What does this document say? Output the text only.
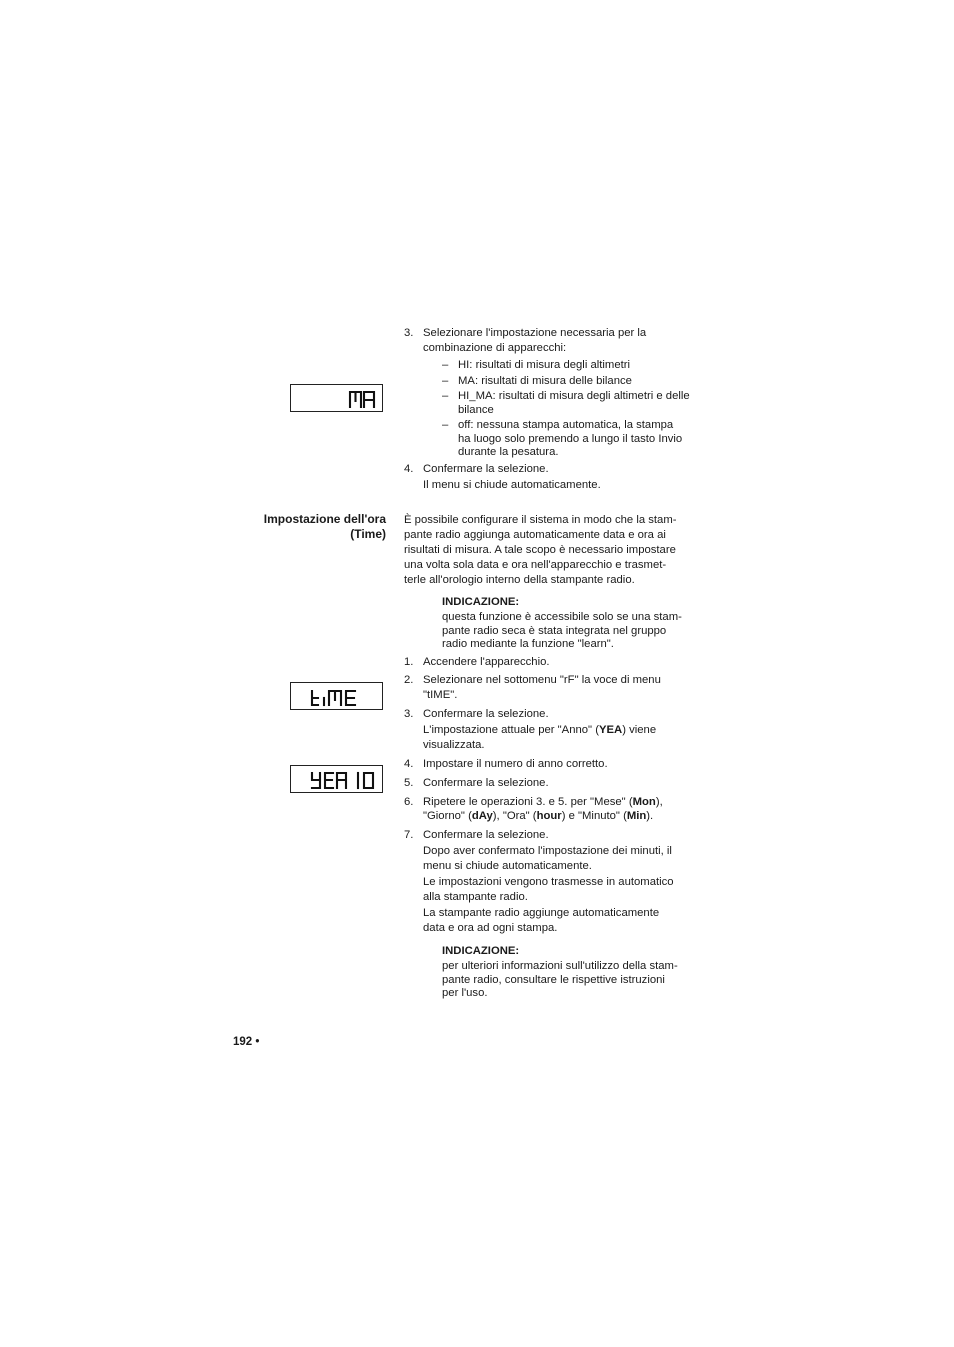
3. Selezionare l'impostazione necessaria per la
combinazione di apparecchi:
– HI: risultati di misura degli altimetri
– MA: risultati di misura delle bilance
– HI_MA: risultati di misura degli altimetri e delle
bilance
– off: nessuna stampa automatica, la stampa
ha luogo solo premendo a lungo il tasto Invio
durante la pesatura.
4. Confermare la selezione.
Il menu si chiude automaticamente.
Impostazione dell'ora
(Time)
È possibile configurare il sistema in modo che la stam-
pante radio aggiunga automaticamente data e ora ai
risultati di misura. A tale scopo è necessario impostare
una volta sola data e ora nell'apparecchio e trasmet-
terle all'orologio interno della stampante radio.
INDICAZIONE:
questa funzione è accessibile solo se una stam-
pante radio seca è stata integrata nel gruppo
radio mediante la funzione "learn".
1. Accendere l'apparecchio.
2. Selezionare nel sottomenu "rF" la voce di menu
"tIME".
3. Confermare la selezione.
L'impostazione attuale per "Anno" (YEA) viene
visualizzata.
4. Impostare il numero di anno corretto.
5. Confermare la selezione.
6. Ripetere le operazioni 3. e 5. per "Mese" (Mon),
"Giorno" (dAy), "Ora" (hour) e "Minuto" (Min).
7. Confermare la selezione.
Dopo aver confermato l'impostazione dei minuti, il
menu si chiude automaticamente.
Le impostazioni vengono trasmesse in automatico
alla stampante radio.
La stampante radio aggiunge automaticamente
data e ora ad ogni stampa.
INDICAZIONE:
per ulteriori informazioni sull'utilizzo della stam-
pante radio, consultare le rispettive istruzioni
per l'uso.
192 •
